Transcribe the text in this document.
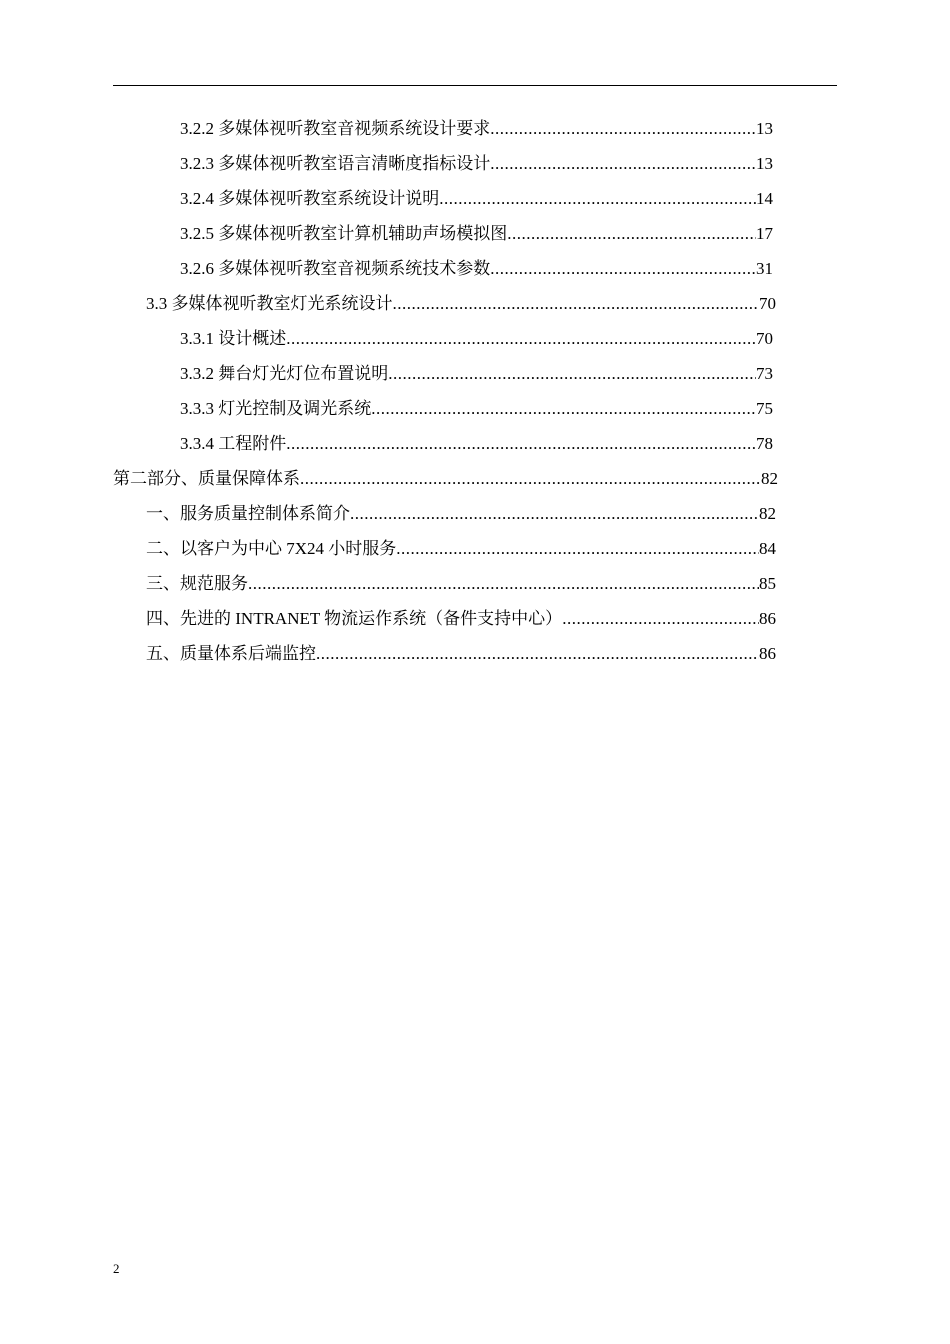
3.2.2 多媒体视听教室音视频系统设计要求 .....	13
3.2.3 多媒体视听教室语言清晰度指标设计 .....	13
3.2.4 多媒体视听教室系统设计说明 .....	14
3.2.5 多媒体视听教室计算机辅助声场模拟图 .....	17
3.2.6 多媒体视听教室音视频系统技术参数 .....	31
3.3 多媒体视听教室灯光系统设计 .....	70
3.3.1 设计概述 .....	70
3.3.2 舞台灯光灯位布置说明 .....	73
3.3.3 灯光控制及调光系统 .....	75
3.3.4 工程附件 .....	78
第二部分、质量保障体系 .....	82
一、服务质量控制体系简介 .....	82
二、以客户为中心 7X24 小时服务 .....	84
三、规范服务 .....	85
四、先进的 INTRANET 物流运作系统（备件支持中心） .....	86
五、质量体系后端监控 .....	86
2
